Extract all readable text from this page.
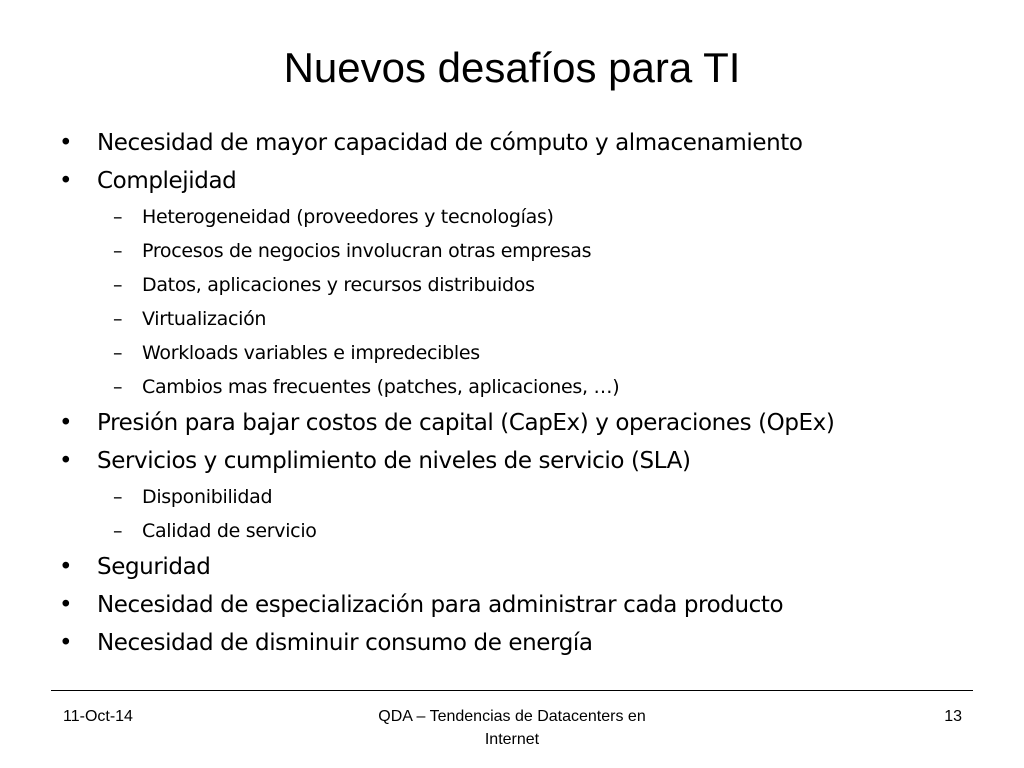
Nuevos desafíos para TI
• Necesidad de mayor capacidad de cómputo y almacenamiento
• Complejidad
– Heterogeneidad (proveedores y tecnologías)
– Procesos de negocios involucran otras empresas
– Datos, aplicaciones y recursos distribuidos
– Virtualización
– Workloads variables e impredecibles
– Cambios mas frecuentes (patches, aplicaciones, …)
• Presión para bajar costos de capital (CapEx) y operaciones (OpEx)
• Servicios y cumplimiento de niveles de servicio (SLA)
– Disponibilidad
– Calidad de servicio
• Seguridad
• Necesidad de especialización para administrar cada producto
• Necesidad de disminuir consumo de energía
11-Oct-14	QDA – Tendencias de Datacenters en
Internet
13
